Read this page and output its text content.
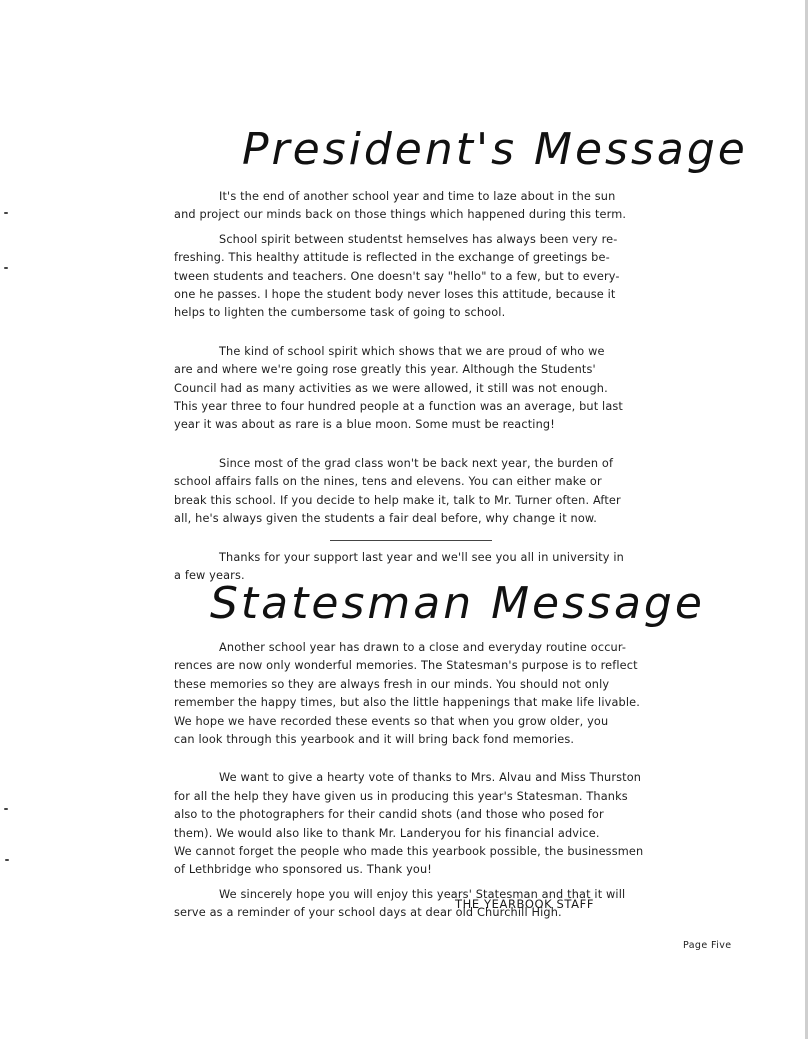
President's Message

It's the end of another school year and time to laze about in the sun
and project our minds back on those things which happened during this term.

School spirit between studentst hemselves has always been very re-
freshing. This healthy attitude is reflected in the exchange of greetings be-
tween students and teachers. One doesn't say "hello" to a few, but to every-
one he passes. I hope the student body never loses this attitude, because it
helps to lighten the cumbersome task of going to school.

The kind of school spirit which shows that we are proud of who we
are and where we're going rose greatly this year. Although the Students'
Council had as many activities as we were allowed, it still was not enough.
This year three to four hundred people at a function was an average, but last
year it was about as rare is a blue moon. Some must be reacting!

Since most of the grad class won't be back next year, the burden of
school affairs falls on the nines, tens and elevens. You can either make or
break this school. If you decide to help make it, talk to Mr. Turner often. After
all, he's always given the students a fair deal before, why change it now.

Thanks for your support last year and we'll see you all in university in
a few years.

Statesman Message

Another school year has drawn to a close and everyday routine occur-
rences are now only wonderful memories. The Statesman's purpose is to reflect
these memories so they are always fresh in our minds. You should not only
remember the happy times, but also the little happenings that make life livable.
We hope we have recorded these events so that when you grow older, you
can look through this yearbook and it will bring back fond memories.

We want to give a hearty vote of thanks to Mrs. Alvau and Miss Thurston
for all the help they have given us in producing this year's Statesman. Thanks
also to the photographers for their candid shots (and those who posed for
them). We would also like to thank Mr. Landeryou for his financial advice.
We cannot forget the people who made this yearbook possible, the businessmen
of Lethbridge who sponsored us. Thank you!

We sincerely hope you will enjoy this years' Statesman and that it will
serve as a reminder of your school days at dear old Churchill High.

THE YEARBOOK STAFF
Page Five
